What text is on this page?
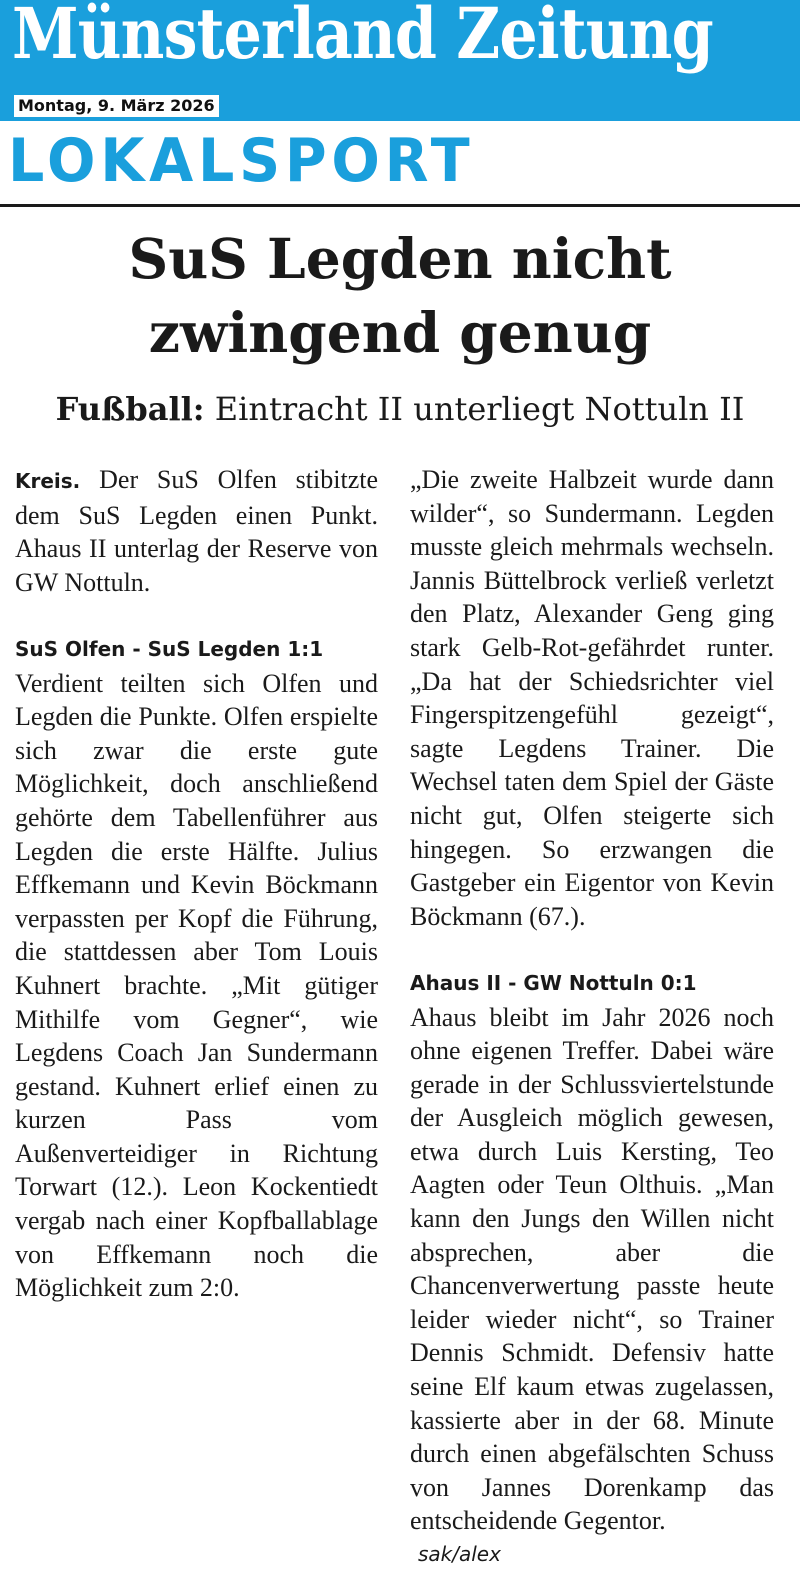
Münsterland Zeitung
Montag, 9. März 2026
LOKALSPORT
SuS Legden nicht zwingend genug
Fußball: Eintracht II unterliegt Nottuln II

Kreis. Der SuS Olfen stibitzte dem SuS Legden einen Punkt. Ahaus II unterlag der Reserve von GW Nottuln.

SuS Olfen - SuS Legden 1:1

Verdient teilten sich Olfen und Legden die Punkte. Olfen erspielte sich zwar die erste gute Möglichkeit, doch anschließend gehörte dem Tabellenführer aus Legden die erste Hälfte. Julius Effkemann und Kevin Böckmann verpassten per Kopf die Führung, die stattdessen aber Tom Louis Kuhnert brachte. „Mit gütiger Mithilfe vom Gegner“, wie Legdens Coach Jan Sundermann gestand. Kuhnert erlief einen zu kurzen Pass vom Außenverteidiger in Richtung Torwart (12.). Leon Kockentiedt vergab nach einer Kopfballablage von Effkemann noch die Möglichkeit zum 2:0.

„Die zweite Halbzeit wurde dann wilder“, so Sundermann. Legden musste gleich mehrmals wechseln. Jannis Büttelbrock verließ verletzt den Platz, Alexander Geng ging stark Gelb-Rot-gefährdet runter. „Da hat der Schiedsrichter viel Fingerspitzengefühl gezeigt“, sagte Legdens Trainer. Die Wechsel taten dem Spiel der Gäste nicht gut, Olfen steigerte sich hingegen. So erzwangen die Gastgeber ein Eigentor von Kevin Böckmann (67.).

Ahaus II - GW Nottuln 0:1

Ahaus bleibt im Jahr 2026 noch ohne eigenen Treffer. Dabei wäre gerade in der Schlussviertelstunde der Ausgleich möglich gewesen, etwa durch Luis Kersting, Teo Aagten oder Teun Olthuis. „Man kann den Jungs den Willen nicht absprechen, aber die Chancenverwertung passte heute leider wieder nicht“, so Trainer Dennis Schmidt. Defensiv hatte seine Elf kaum etwas zugelassen, kassierte aber in der 68. Minute durch einen abgefälschten Schuss von Jannes Dorenkamp das entscheidende Gegentor.

sak/alex
